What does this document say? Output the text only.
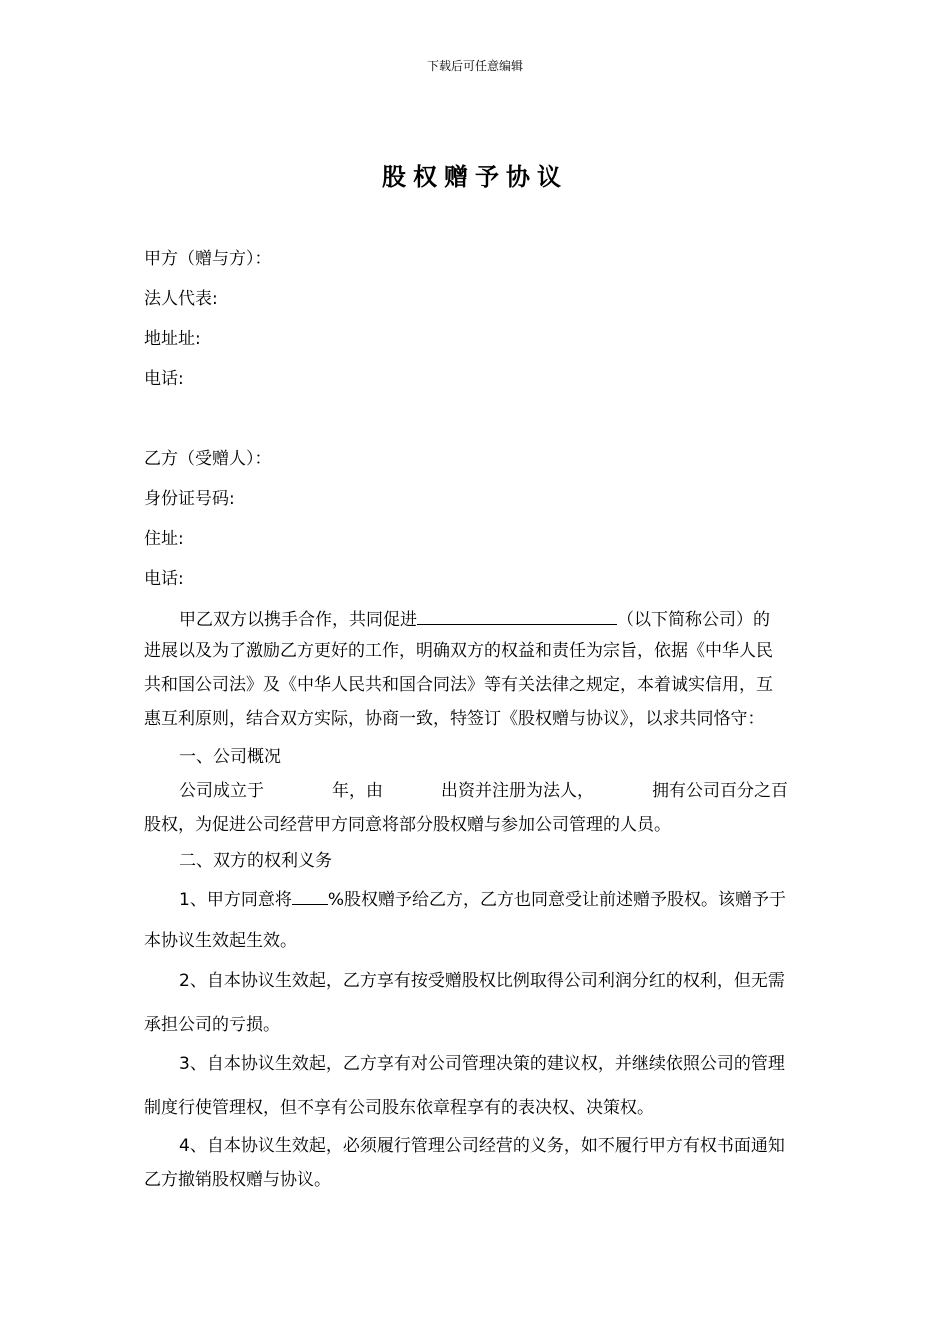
下载后可任意编辑
股权赠予协议
甲方（赠与方）：
法人代表:
地址址:
电话:
乙方（受赠人）：
身份证号码:
住址:
电话:
甲乙双方以携手合作，共同促进	（以下简称公司）的
进展以及为了激励乙方更好的工作，明确双方的权益和责任为宗旨，依据《中华人民
共和国公司法》及《中华人民共和国合同法》等有关法律之规定，本着诚实信用，互
惠互利原则，结合双方实际，协商一致，特签订《股权赠与协议》，以求共同恪守：
一、公司概况
公司成立于	年，由	出资并注册为法人，	拥有公司百分之百
股权，为促进公司经营甲方同意将部分股权赠与参加公司管理的人员。
二、双方的权利义务
1、甲方同意将 %股权赠予给乙方，乙方也同意受让前述赠予股权。该赠予于
本协议生效起生效。
2、自本协议生效起，乙方享有按受赠股权比例取得公司利润分红的权利，但无需
承担公司的亏损。
3、自本协议生效起，乙方享有对公司管理决策的建议权，并继续依照公司的管理
制度行使管理权，但不享有公司股东依章程享有的表决权、决策权。
4、自本协议生效起，必须履行管理公司经营的义务，如不履行甲方有权书面通知
乙方撤销股权赠与协议。
